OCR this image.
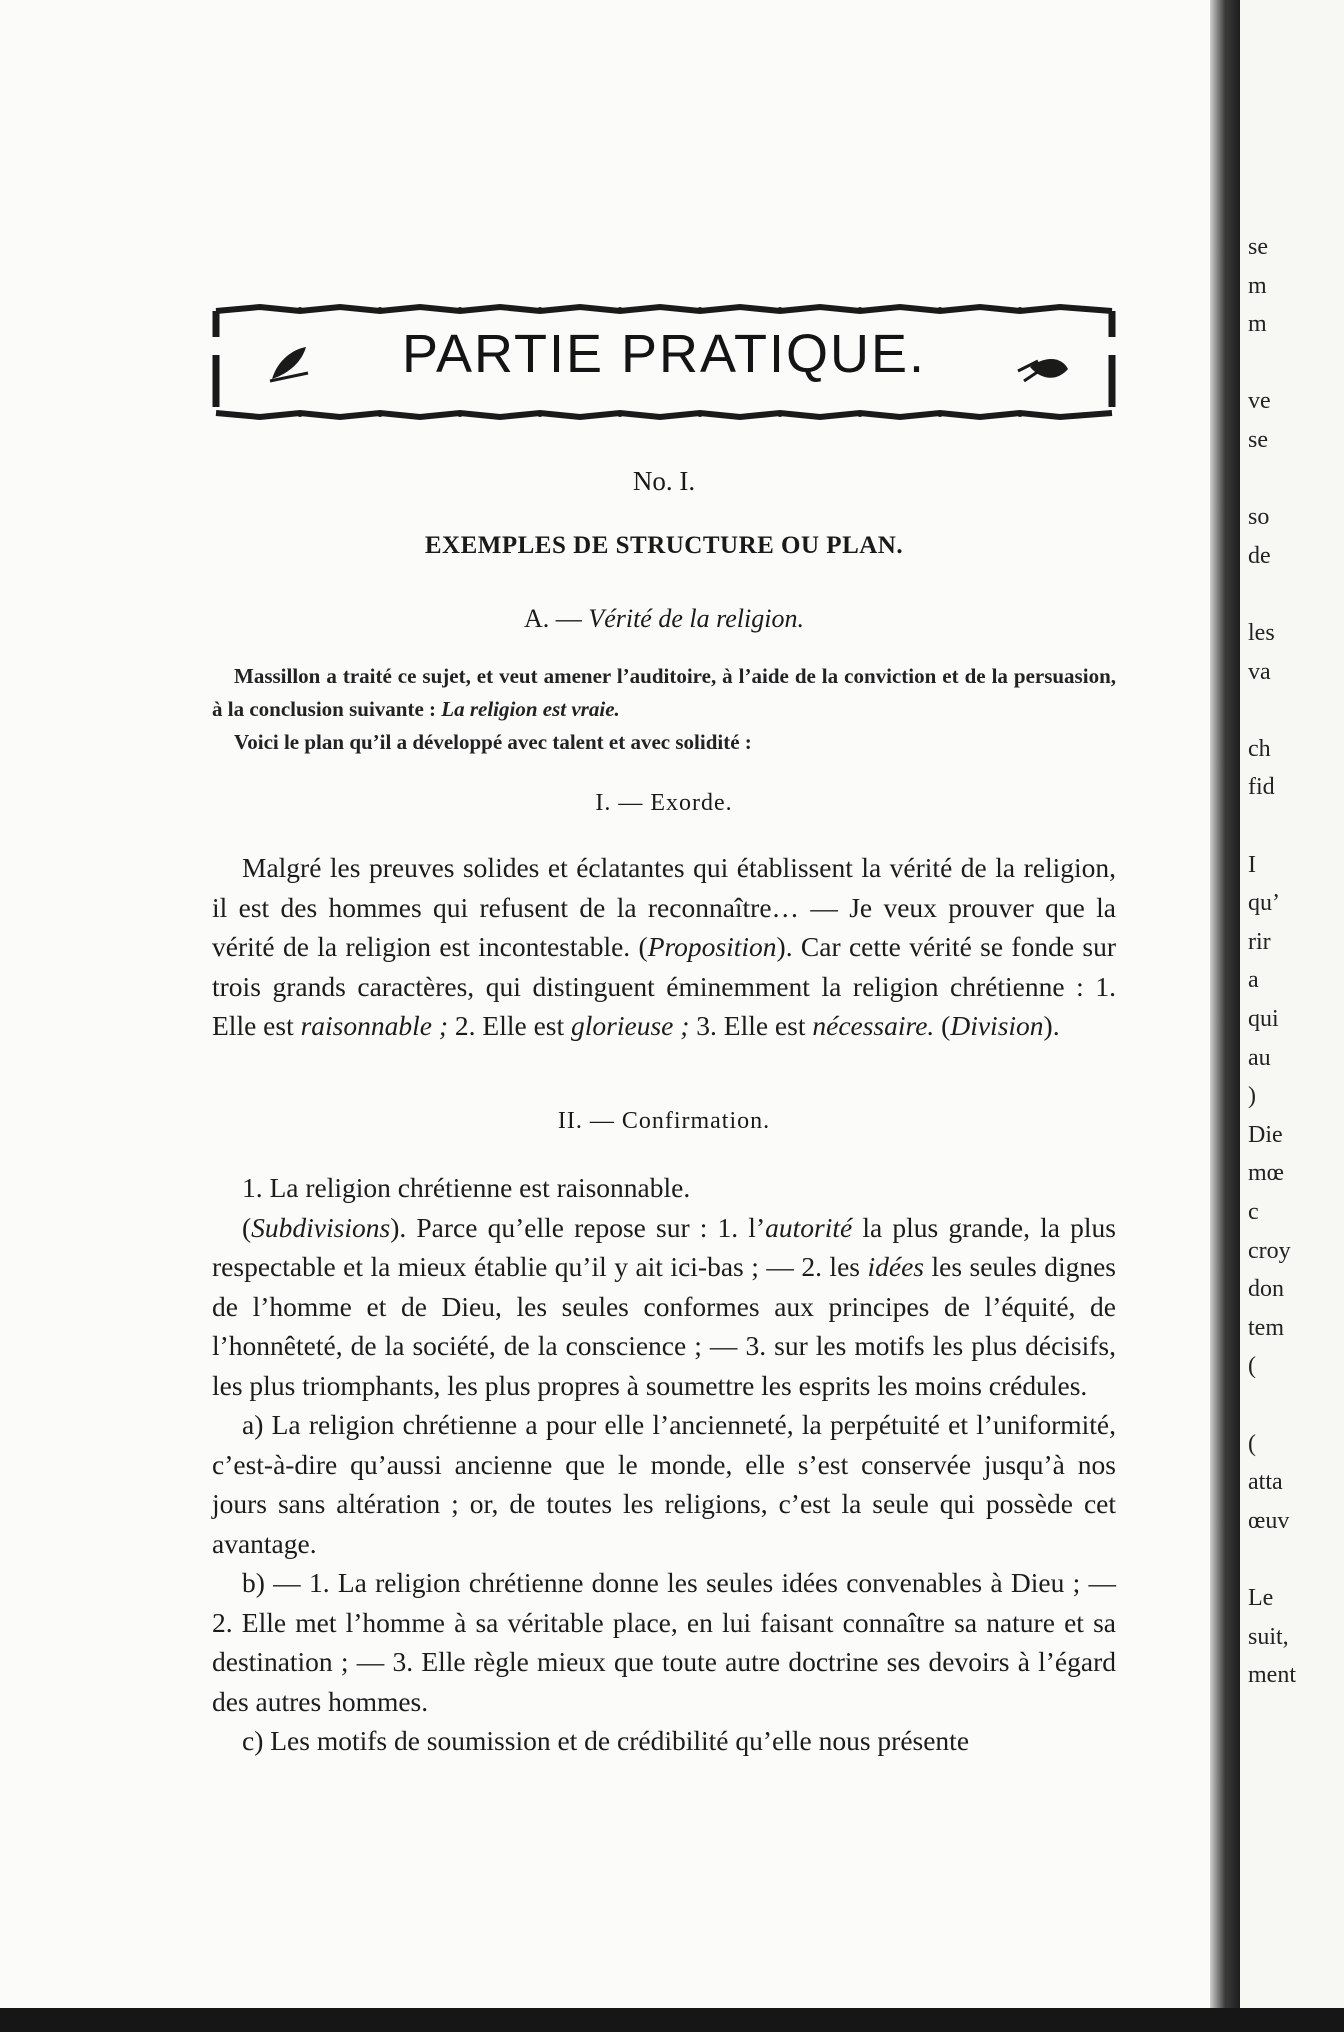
PARTIE PRATIQUE.
No. I.
EXEMPLES DE STRUCTURE OU PLAN.
A. — Vérité de la religion.

Massillon a traité ce sujet, et veut amener l’auditoire, à l’aide de la conviction et de la persuasion, à la conclusion suivante : La religion est vraie.

Voici le plan qu’il a développé avec talent et avec solidité :

I. — Exorde.

Malgré les preuves solides et éclatantes qui établissent la vérité de la religion, il est des hommes qui refusent de la reconnaître… — Je veux prouver que la vérité de la religion est incontestable. (Proposition). Car cette vérité se fonde sur trois grands caractères, qui distinguent éminemment la religion chrétienne : 1. Elle est raisonnable ; 2. Elle est glorieuse ; 3. Elle est nécessaire. (Division).

II. — Confirmation.

1. La religion chrétienne est raisonnable.

(Subdivisions). Parce qu’elle repose sur : 1. l’autorité la plus grande, la plus respectable et la mieux établie qu’il y ait ici-bas ; — 2. les idées les seules dignes de l’homme et de Dieu, les seules conformes aux principes de l’équité, de l’honnêteté, de la société, de la conscience ; — 3. sur les motifs les plus décisifs, les plus triomphants, les plus propres à soumettre les esprits les moins crédules.

a) La religion chrétienne a pour elle l’ancienneté, la perpétuité et l’uniformité, c’est-à-dire qu’aussi ancienne que le monde, elle s’est conservée jusqu’à nos jours sans altération ; or, de toutes les religions, c’est la seule qui possède cet avantage.

b) — 1. La religion chrétienne donne les seules idées convenables à Dieu ; — 2. Elle met l’homme à sa véritable place, en lui faisant connaître sa nature et sa destination ; — 3. Elle règle mieux que toute autre doctrine ses devoirs à l’égard des autres hommes.

c) Les motifs de soumission et de crédibilité qu’elle nous présente

se
m
m
ve
se
so
de
les
va
ch
fid
I
qu’
rir
a
qui
au
)
Die
mœ
c
croy
don
tem
(
(
atta
œuv
Le
suit,
ment
